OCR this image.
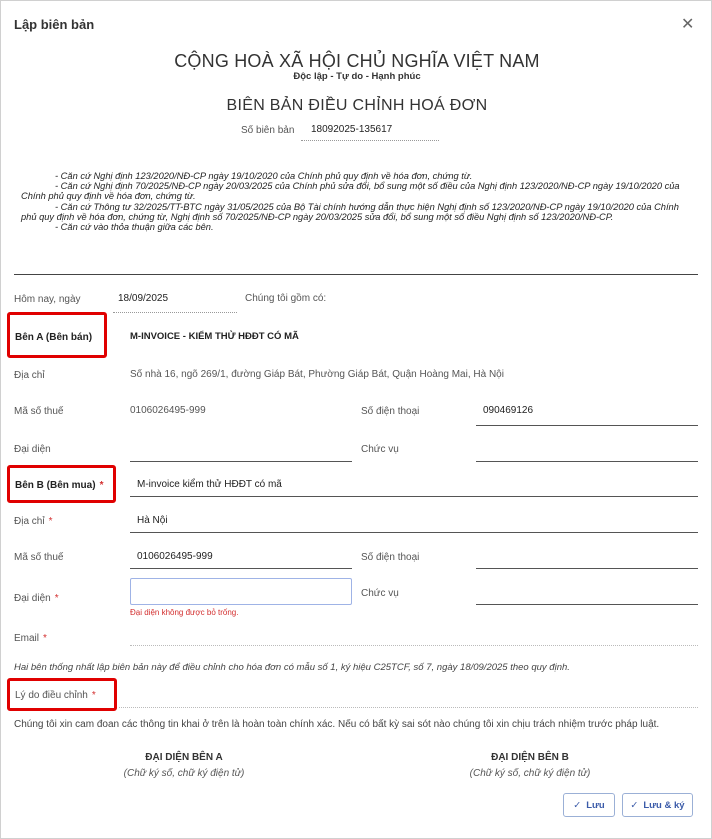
Lập biên bản	✕
CỘNG HOÀ XÃ HỘI CHỦ NGHĨA VIỆT NAM
Độc lập - Tự do - Hạnh phúc
BIÊN BẢN ĐIỀU CHỈNH HOÁ ĐƠN
Số biên bản 18092025-135617

- Căn cứ Nghị định 123/2020/NĐ-CP ngày 19/10/2020 của Chính phủ quy định về hóa đơn, chứng từ.

- Căn cứ Nghị định 70/2025/NĐ-CP ngày 20/03/2025 của Chính phủ sửa đổi, bổ sung một số điều của Nghị định 123/2020/NĐ-CP ngày 19/10/2020 của Chính phủ quy định về hóa đơn, chứng từ.

- Căn cứ Thông tư 32/2025/TT-BTC ngày 31/05/2025 của Bộ Tài chính hướng dẫn thực hiện Nghị định số 123/2020/NĐ-CP ngày 19/10/2020 của Chính phủ quy định về hóa đơn, chứng từ, Nghị định số 70/2025/NĐ-CP ngày 20/03/2025 sửa đổi, bổ sung một số điều Nghị định số 123/2020/NĐ-CP.

- Căn cứ vào thỏa thuận giữa các bên.

Hôm nay, ngày	18/09/2025	Chúng tôi gồm có:
Bên A (Bên bán)	M-INVOICE - KIỂM THỬ HĐĐT CÓ MÃ
Địa chỉ	Số nhà 16, ngõ 269/1, đường Giáp Bát, Phường Giáp Bát, Quận Hoàng Mai, Hà Nội
Mã số thuế	0106026495-999	Số điện thoại	090469126
Đại diện	Chức vụ
Bên B (Bên mua) *	M-invoice kiểm thử HĐĐT có mã
Địa chỉ *	Hà Nội
Mã số thuế	0106026495-999	Số điện thoại
Đại diện *
Đại diện không được bỏ trống.
Chức vụ
Email *
Hai bên thống nhất lập biên bản này để điều chỉnh cho hóa đơn có mẫu số 1, ký hiệu C25TCF, số 7, ngày 18/09/2025 theo quy định.
Lý do điều chỉnh *
Chúng tôi xin cam đoan các thông tin khai ở trên là hoàn toàn chính xác. Nếu có bất kỳ sai sót nào chúng tôi xin chịu trách nhiệm trước pháp luật.
ĐẠI DIỆN BÊN A
(Chữ ký số, chữ ký điện tử)
ĐẠI DIỆN BÊN B
(Chữ ký số, chữ ký điện tử)
✓ Lưu	✓ Lưu & ký
